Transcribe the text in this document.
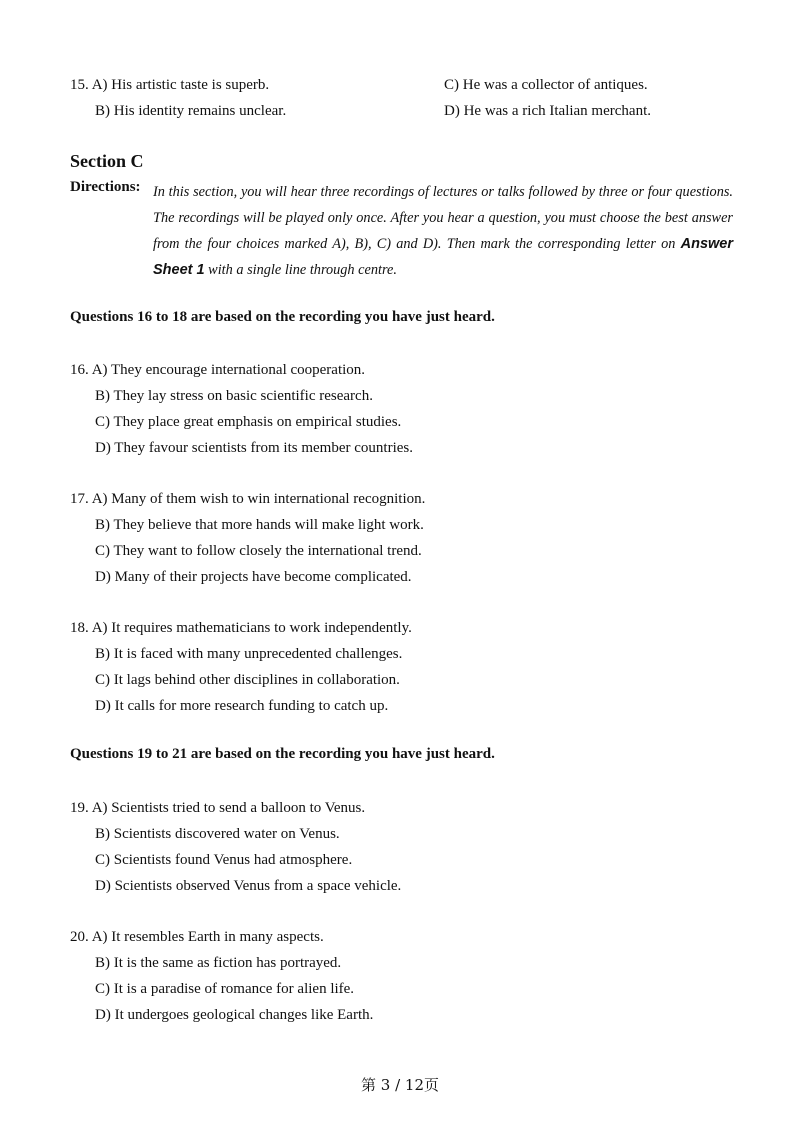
15. A) His artistic taste is superb.
B) His identity remains unclear.
C) He was a collector of antiques.
D) He was a rich Italian merchant.
Section C
Directions: In this section, you will hear three recordings of lectures or talks followed by three or four questions. The recordings will be played only once. After you hear a question, you must choose the best answer from the four choices marked A), B), C) and D). Then mark the corresponding letter on Answer Sheet 1 with a single line through centre.
Questions 16 to 18 are based on the recording you have just heard.
16. A) They encourage international cooperation.
B) They lay stress on basic scientific research.
C) They place great emphasis on empirical studies.
D) They favour scientists from its member countries.
17. A) Many of them wish to win international recognition.
B) They believe that more hands will make light work.
C) They want to follow closely the international trend.
D) Many of their projects have become complicated.
18. A) It requires mathematicians to work independently.
B) It is faced with many unprecedented challenges.
C) It lags behind other disciplines in collaboration.
D) It calls for more research funding to catch up.
Questions 19 to 21 are based on the recording you have just heard.
19. A) Scientists tried to send a balloon to Venus.
B) Scientists discovered water on Venus.
C) Scientists found Venus had atmosphere.
D) Scientists observed Venus from a space vehicle.
20. A) It resembles Earth in many aspects.
B) It is the same as fiction has portrayed.
C) It is a paradise of romance for alien life.
D) It undergoes geological changes like Earth.
第 3 / 12页
